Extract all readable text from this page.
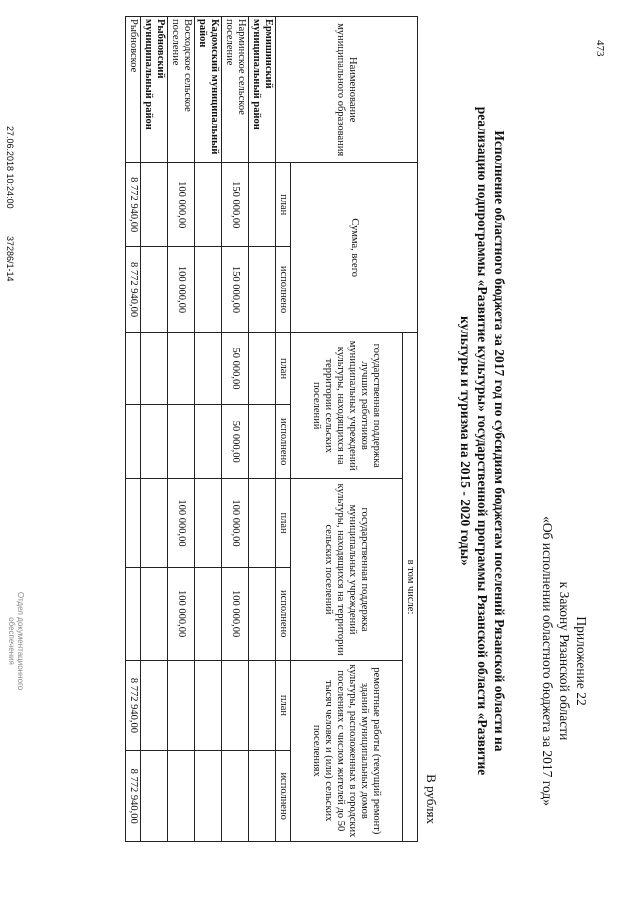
473
Приложение 22
к Закону Рязанской области
«Об исполнении областного бюджета за 2017 год»
Исполнение областного бюджета за 2017 год по субсидиям бюджетам поселений Рязанской области на
реализацию подпрограммы «Развитие культуры» государственной программы Рязанской области «Развитие
культуры и туризма на 2015 - 2020 годы»
В рублях
Наименование муниципального образования	Сумма, всего		в том числе:					
			государственная поддержка лучших работников муниципальных учреждений культуры, находящихся на территории сельских поселений		государственная поддержка муниципальных учреждений культуры, находящихся на территории сельских поселений		ремонтные работы (текущий ремонт) зданий муниципальных домов культуры, расположенных в городских поселениях с числом жителей до 50 тысяч человек и (или) сельских поселениях	
	план	исполнено	план	исполнено	план	исполнено	план	исполнено
Ермишинский муниципальный район								
Нарминское сельское поселение	150 000,00	150 000,00	50 000,00	50 000,00	100 000,00	100 000,00		
Кадомский муниципальный район								
Восходское сельское поселение	100 000,00	100 000,00			100 000,00	100 000,00		
Рыбновский муниципальный район								
Рыбновское	8 772 940,00	8 772 940,00					8 772 940,00	8 772 940,00
27.06.2018 10:24:00
37286/1-14
Отдел документационного
обеспечения
